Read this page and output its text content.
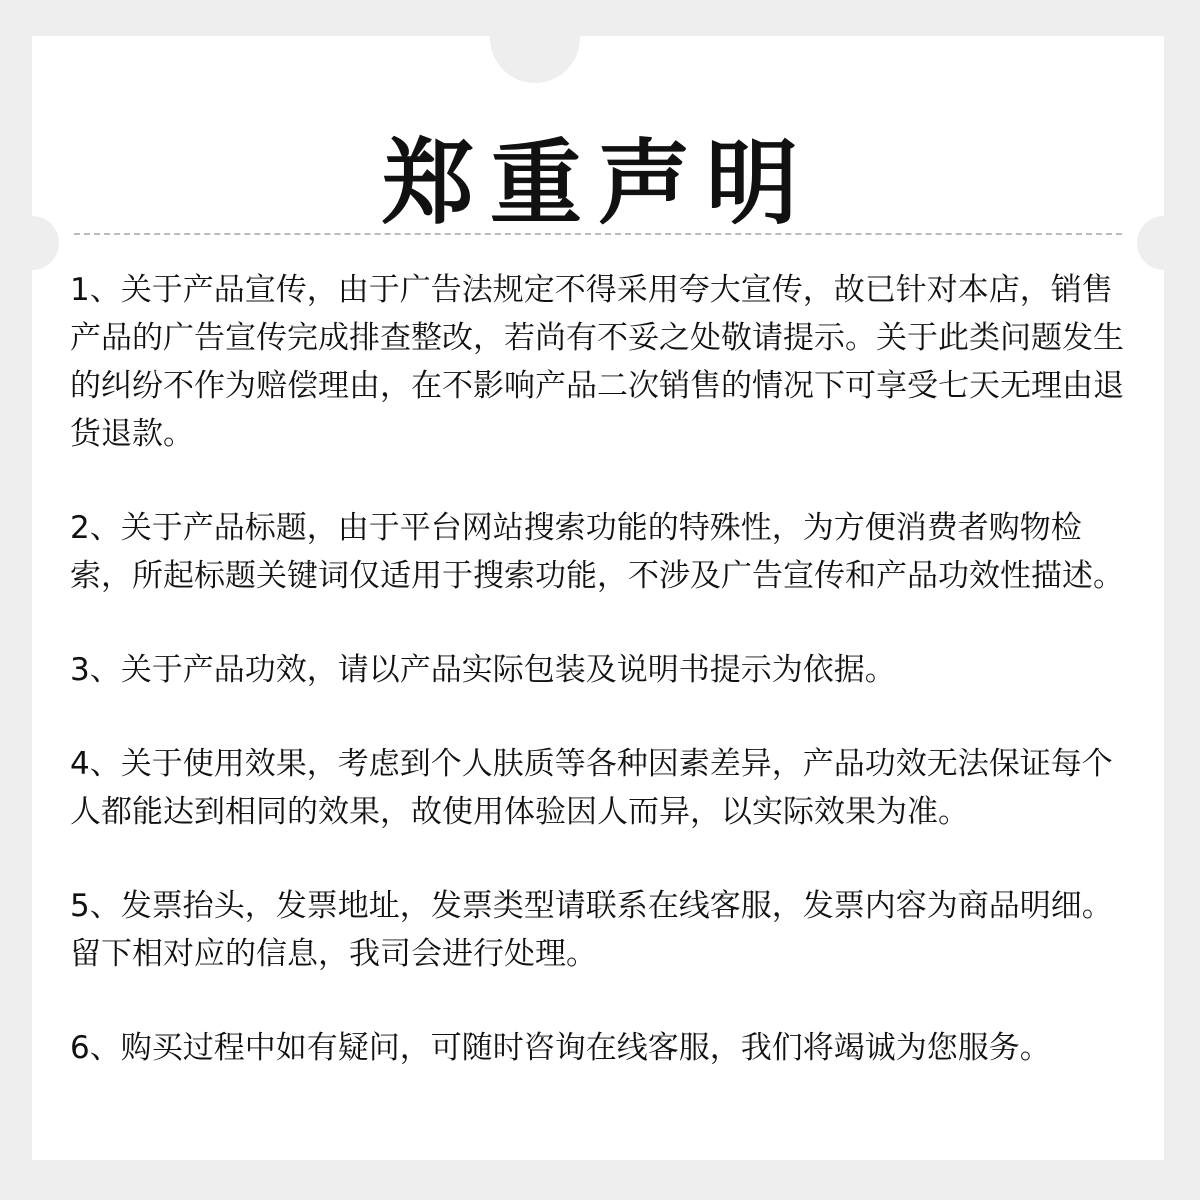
郑重声明

1、关于产品宣传，由于广告法规定不得采用夸大宣传，故已针对本店，销售产品的广告宣传完成排查整改，若尚有不妥之处敬请提示。关于此类问题发生的纠纷不作为赔偿理由，在不影响产品二次销售的情况下可享受七天无理由退货退款。

2、关于产品标题，由于平台网站搜索功能的特殊性，为方便消费者购物检索，所起标题关键词仅适用于搜索功能，不涉及广告宣传和产品功效性描述。

3、关于产品功效，请以产品实际包装及说明书提示为依据。

4、关于使用效果，考虑到个人肤质等各种因素差异，产品功效无法保证每个人都能达到相同的效果，故使用体验因人而异，以实际效果为准。

5、发票抬头，发票地址，发票类型请联系在线客服，发票内容为商品明细。留下相对应的信息，我司会进行处理。

6、购买过程中如有疑问，可随时咨询在线客服，我们将竭诚为您服务。
